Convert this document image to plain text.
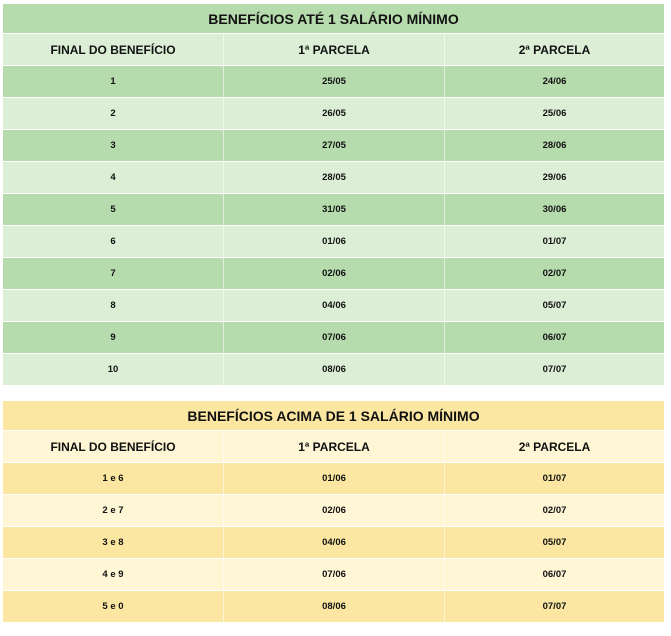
BENEFÍCIOS ATÉ 1 SALÁRIO MÍNIMO
FINAL DO BENEFÍCIO	1ª PARCELA	2ª PARCELA
1	25/05	24/06
2	26/05	25/06
3	27/05	28/06
4	28/05	29/06
5	31/05	30/06
6	01/06	01/07
7	02/06	02/07
8	04/06	05/07
9	07/06	06/07
10	08/06	07/07
BENEFÍCIOS ACIMA DE 1 SALÁRIO MÍNIMO
FINAL DO BENEFÍCIO	1ª PARCELA	2ª PARCELA
1 e 6	01/06	01/07
2 e 7	02/06	02/07
3 e 8	04/06	05/07
4 e 9	07/06	06/07
5 e 0	08/06	07/07
